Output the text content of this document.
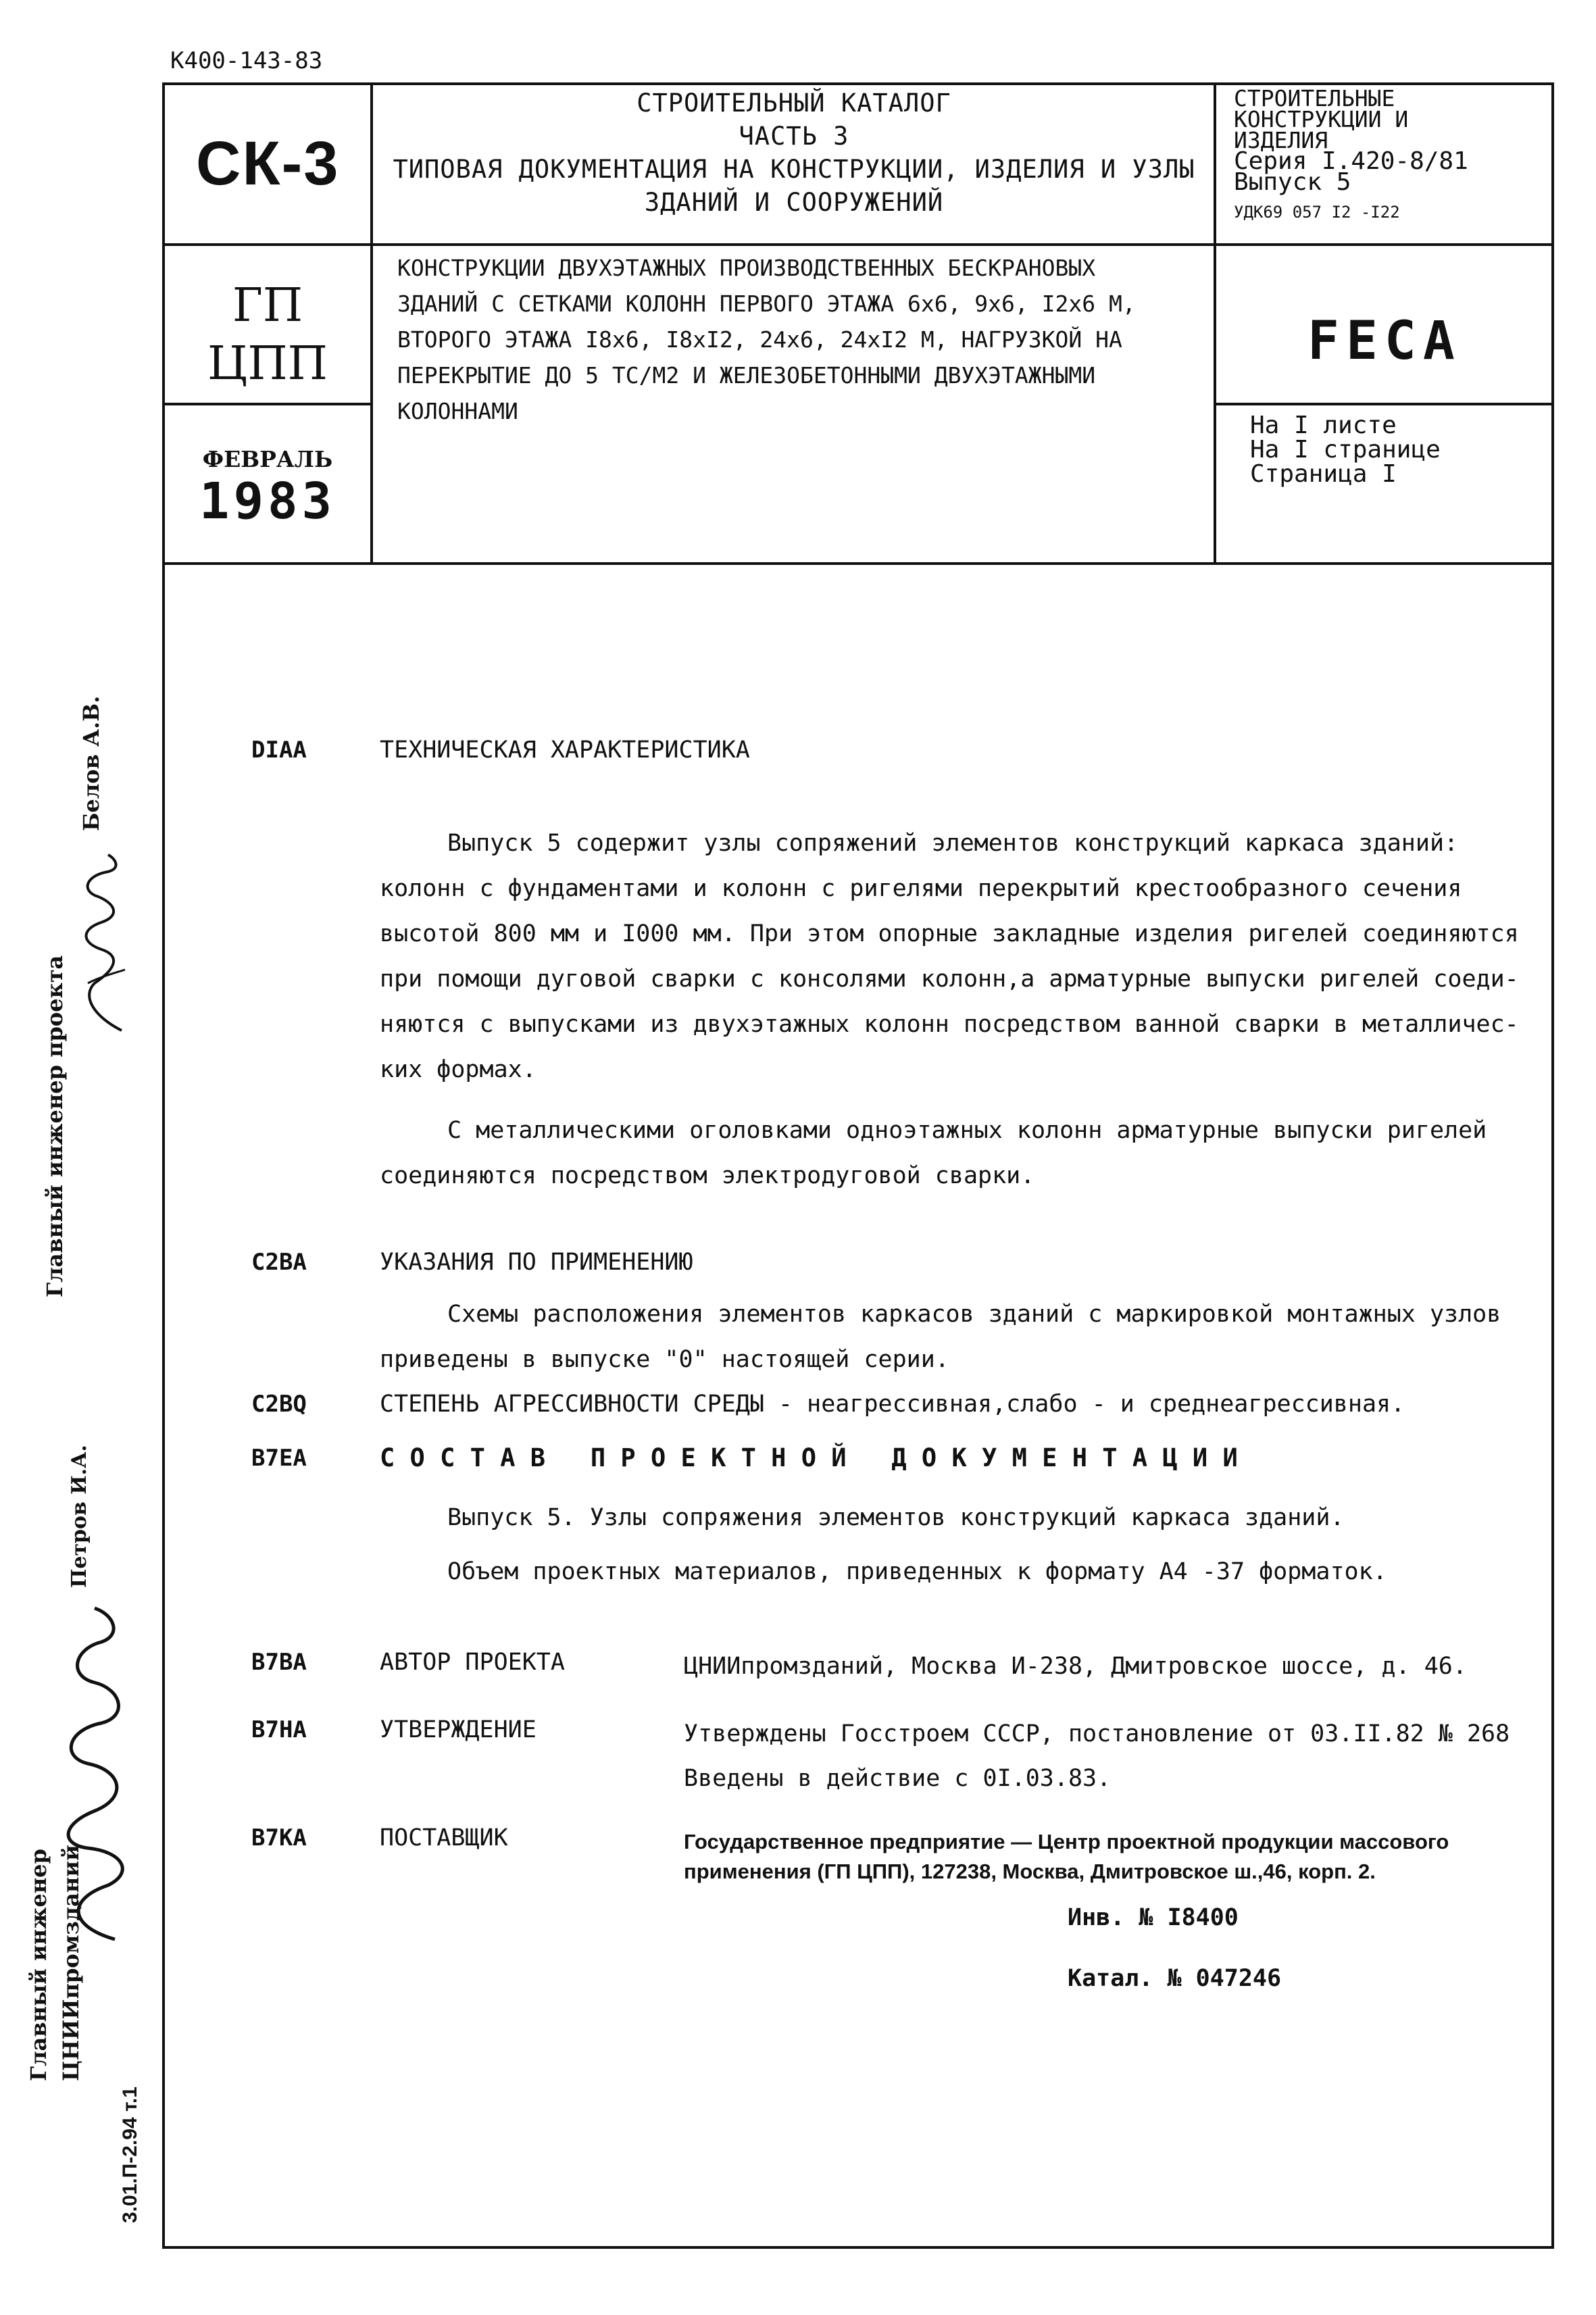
К400-143-83
СК-3
СТРОИТЕЛЬНЫЙ КАТАЛОГ
ЧАСТЬ 3
ТИПОВАЯ ДОКУМЕНТАЦИЯ НА КОНСТРУКЦИИ, ИЗДЕЛИЯ И УЗЛЫ
ЗДАНИЙ И СООРУЖЕНИЙ
СТРОИТЕЛЬНЫЕ
КОНСТРУКЦИИ И
ИЗДЕЛИЯ
Серия I.420-8/81
Выпуск 5
УДК69 057 I2 -I22
ГП
ЦПП
ФЕВРАЛЬ
1983
КОНСТРУКЦИИ ДВУХЭТАЖНЫХ ПРОИЗВОДСТВЕННЫХ БЕСКРАНОВЫХ
ЗДАНИЙ С СЕТКАМИ КОЛОНН ПЕРВОГО ЭТАЖА 6х6, 9х6, I2х6 М,
ВТОРОГО ЭТАЖА I8х6, I8хI2, 24х6, 24хI2 М, НАГРУЗКОЙ НА
ПЕРЕКРЫТИЕ ДО 5 ТС/М2 И ЖЕЛЕЗОБЕТОННЫМИ ДВУХЭТАЖНЫМИ
КОЛОННАМИ
FECA
На I листе
На I странице
Страница I
DIAA	ТЕХНИЧЕСКАЯ ХАРАКТЕРИСТИКА
Выпуск 5 содержит узлы сопряжений элементов конструкций каркаса зданий:
колонн с фундаментами и колонн с ригелями перекрытий крестообразного сечения
высотой 800 мм и I000 мм. При этом опорные закладные изделия ригелей соединяются
при помощи дуговой сварки с консолями колонн,а арматурные выпуски ригелей соеди-
няются с выпусками из двухэтажных колонн посредством ванной сварки в металличес-
ких формах.
С металлическими оголовками одноэтажных колонн арматурные выпуски ригелей
соединяются посредством электродуговой сварки.
C2BA	УКАЗАНИЯ ПО ПРИМЕНЕНИЮ
Схемы расположения элементов каркасов зданий с маркировкой монтажных узлов
приведены в выпуске "0" настоящей серии.
C2BQ	СТЕПЕНЬ АГРЕССИВНОСТИ СРЕДЫ - неагрессивная,слабо - и среднеагрессивная.
B7EA	С О С Т А В   П Р О Е К Т Н О Й   Д О К У М Е Н Т А Ц И И
Выпуск 5. Узлы сопряжения элементов конструкций каркаса зданий.
Объем проектных материалов, приведенных к формату А4 -37 форматок.
B7BA	АВТОР ПРОЕКТА	ЦНИИпромзданий, Москва И-238, Дмитровское шоссе, д. 46.
B7HA	УТВЕРЖДЕНИЕ	Утверждены Госстроем СССР, постановление от 03.II.82 № 268
Введены в действие с 0I.03.83.
B7KA	ПОСТАВЩИК	Государственное предприятие — Центр проектной продукции массового
применения (ГП ЦПП), 127238, Москва, Дмитровское ш.,46, корп. 2.
Инв. № I8400
Катал. № 047246
Главный инженер проекта
Белов А.В.
Главный инженер ЦНИИпромзданий
Петров И.А.
3.01.П-2.94 т.1
